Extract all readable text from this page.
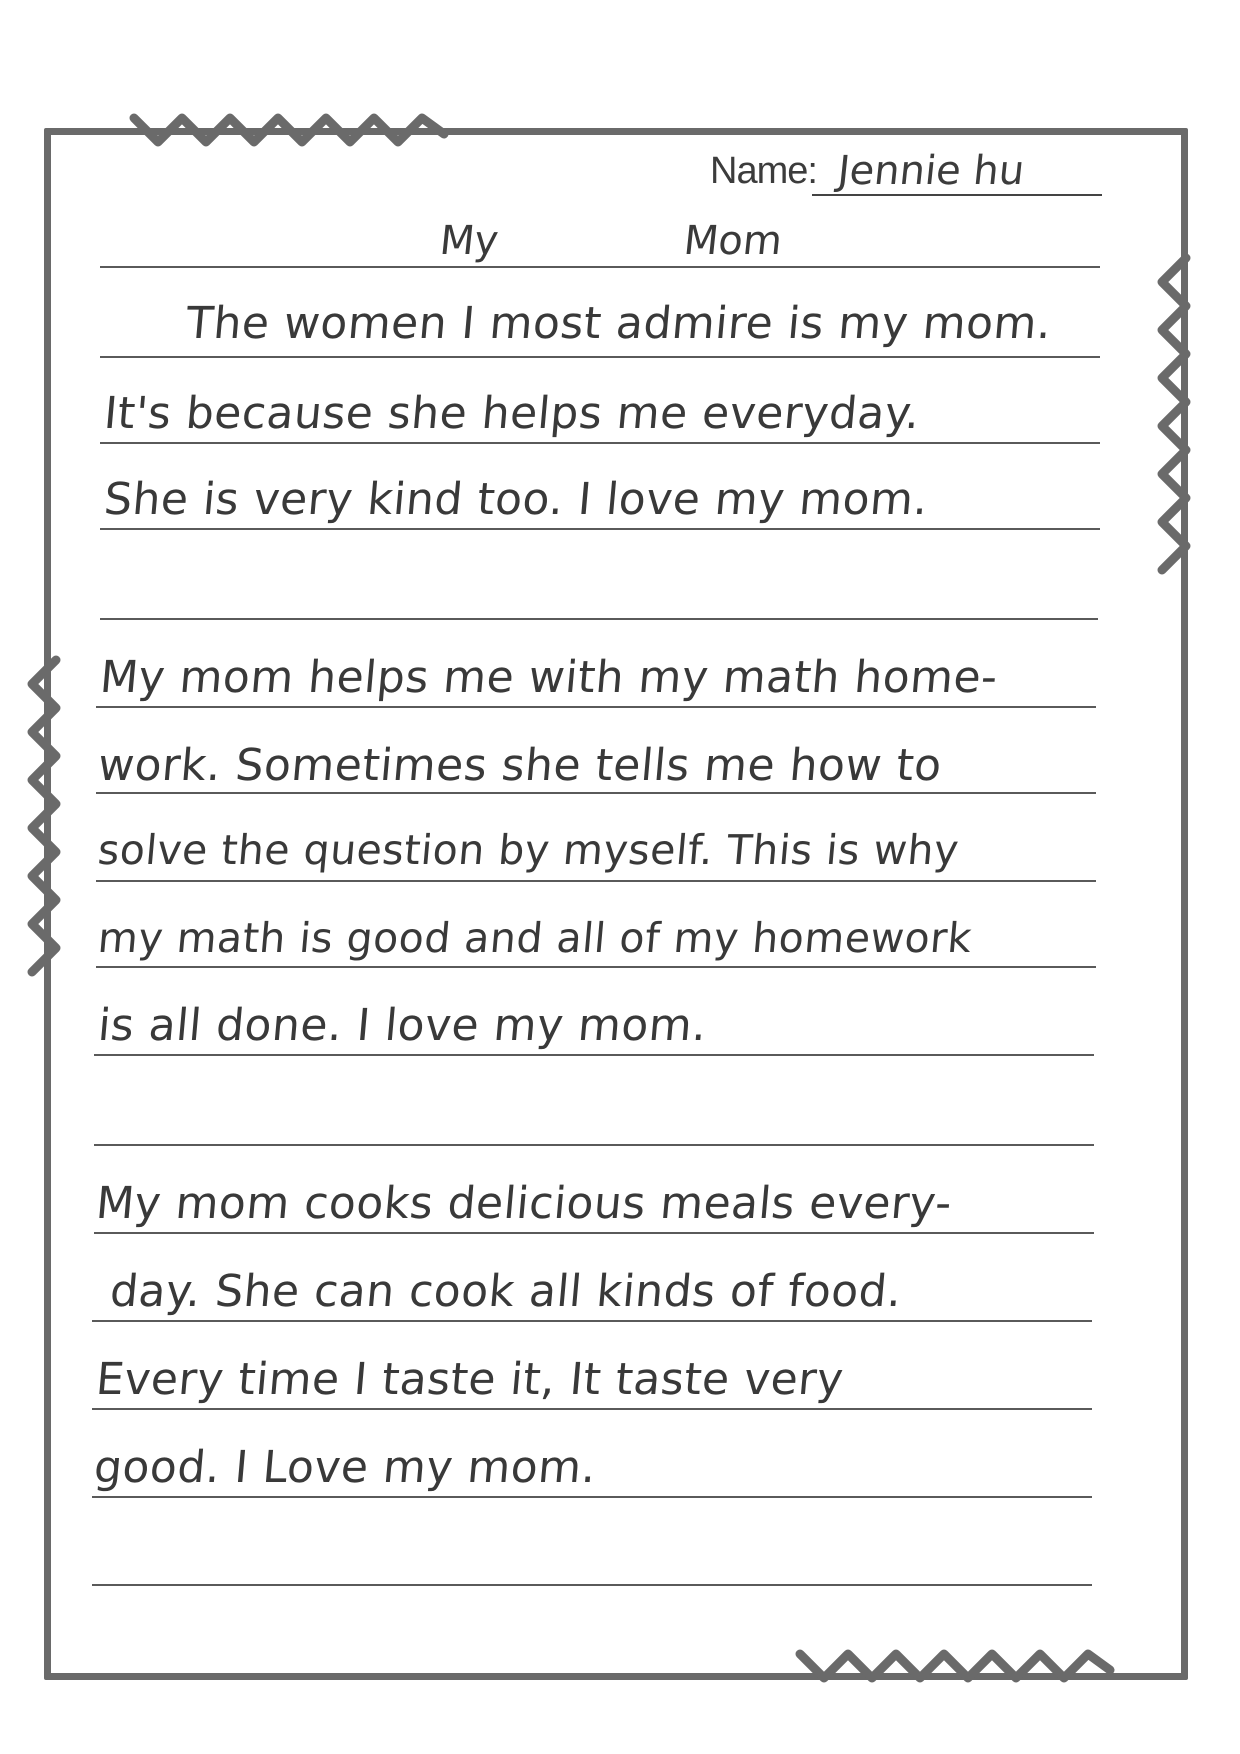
Name: Jennie hu
My	Mom
The women I most admire is my mom.
It's because she helps me everyday.
She is very kind too. I love my mom.
My mom helps me with my math home-
work. Sometimes she tells me how to
solve the question by myself. This is why
my math is good and all of my homework
is all done. I love my mom.
My mom cooks delicious meals every-
day. She can cook all kinds of food.
Every time I taste it, It taste very
good. I Love my mom.
